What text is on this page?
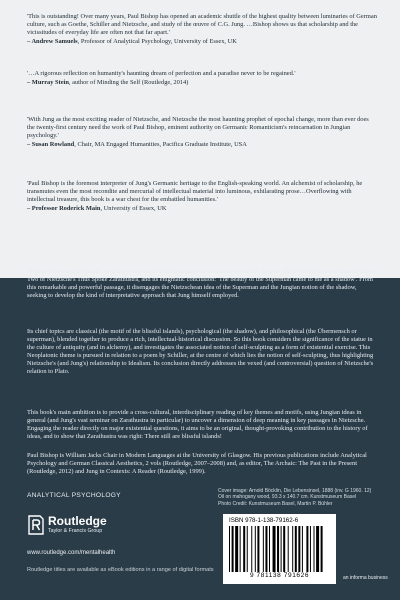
'This is outstanding! Over many years, Paul Bishop has opened an academic shuttle of the highest quality between luminaries of German culture, such as Goethe, Schiller and Nietzsche, and study of the œuvre of C.G. Jung. …Bishop shows us that scholarship and the vicissitudes of everyday life are often not that far apart.'
– Andrew Samuels, Professor of Analytical Psychology, University of Essex, UK
'…A rigorous reflection on humanity's haunting dream of perfection and a paradise never to be regained.'
– Murray Stein, author of Minding the Self (Routledge, 2014)
'With Jung as the most exciting reader of Nietzsche, and Nietzsche the most haunting prophet of epochal change, more than ever does the twenty-first century need the work of Paul Bishop, eminent authority on Germanic Romanticism's reincarnation in Jungian psychology.'
– Susan Rowland, Chair, MA Engaged Humanities, Pacifica Graduate Institute, USA
'Paul Bishop is the foremost interpreter of Jung's Germanic heritage to the English-speaking world. An alchemist of scholarship, he transmutes even the most recondite and mercurial of intellectual material into luminous, exhilarating prose…Overflowing with intellectual treasure, this book is a war chest for the embattled humanities.'
– Professor Roderick Main, University of Essex, UK

What are the blissful islands? And where are they? This book takes as its starting-point the chapter called 'On the Blissful Islands' in Part Two of Nietzsche's Thus Spoke Zarathustra, and its enigmatic conclusion: 'The beauty of the Superman came to me as a shadow'. From this remarkable and powerful passage, it disengages the Nietzschean idea of the Superman and the Jungian notion of the shadow, seeking to develop the kind of interpretative approach that Jung himself employed.

Its chief topics are classical (the motif of the blissful islands), psychological (the shadow), and philosophical (the Übermensch or superman), blended together to produce a rich, intellectual-historical discussion. So this book considers the significance of the statue in the culture of antiquity (and in alchemy), and investigates the associated notion of self-sculpting as a form of existential exercise. This Neoplatonic theme is pursued in relation to a poem by Schiller, at the centre of which lies the notion of self-sculpting, thus highlighting Nietzsche's (and Jung's) relationship to Idealism. Its conclusion directly addresses the vexed (and controversial) question of Nietzsche's relation to Plato.

This book's main ambition is to provide a cross-cultural, interdisciplinary reading of key themes and motifs, using Jungian ideas in general (and Jung's vast seminar on Zarathustra in particular) to uncover a dimension of deep meaning in key passages in Nietzsche. Engaging the reader directly on major existential questions, it aims to be an original, thought-provoking contribution to the history of ideas, and to show that Zarathustra was right: There still are blissful islands!

Paul Bishop is William Jacks Chair in Modern Languages at the University of Glasgow. His previous publications include Analytical Psychology and German Classical Aesthetics, 2 vols (Routledge, 2007–2008) and, as editor, The Archaic: The Past in the Present (Routledge, 2012) and Jung in Contexts: A Reader (Routledge, 1999).

ANALYTICAL PSYCHOLOGY
Routledge
Taylor & Francis Group
www.routledge.com/mentalhealth
Routledge titles are available as eBook editions in a range of digital formats
Cover image: Arnold Böcklin, Die Lebensinsel, 1888 (inv. G 1960. 12)
Oil on mahogany wood, 93.3 x 140.7 cm. Kunstmuseum Basel
Photo Credit: Kunstmuseum Basel, Martin P. Bühler
ISBN 978-1-138-79162-6
9 781138 791626	an informa business
